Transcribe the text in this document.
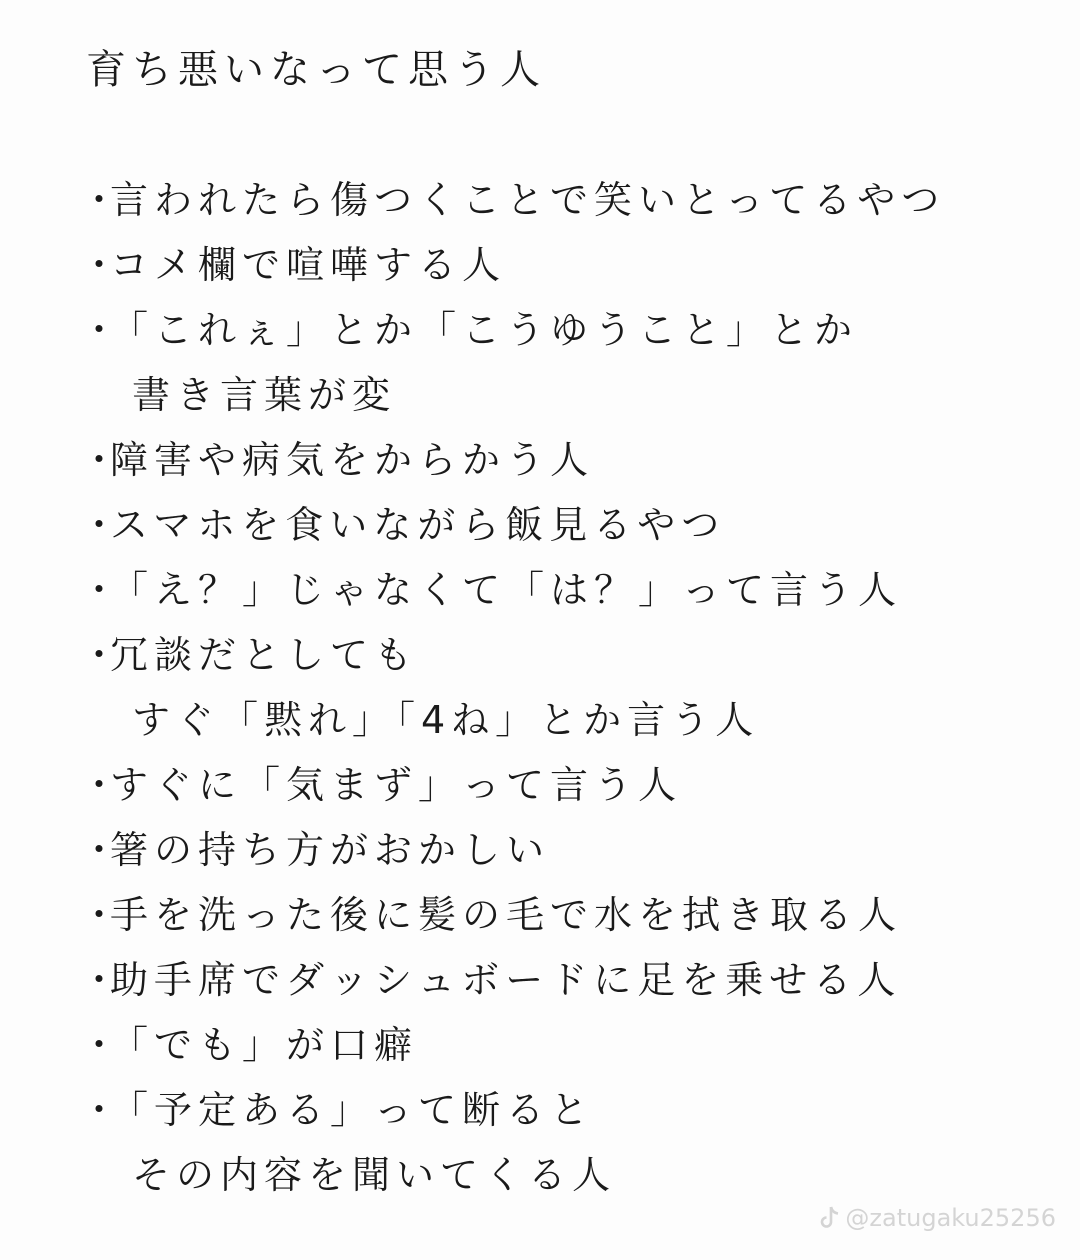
育ち悪いなって思う人
・
言われたら傷つくことで笑いとってるやつ
・
コメ欄で喧嘩する人
・
「これぇ」とか「こうゆうこと」とか
書き言葉が変
・
障害や病気をからかう人
・
スマホを食いながら飯見るやつ
・
「え？」じゃなくて「は？」って言う人
・
冗談だとしても
すぐ「黙れ」「4ね」とか言う人
・
すぐに「気まず」って言う人
・
箸の持ち方がおかしい
・
手を洗った後に髪の毛で水を拭き取る人
・
助手席でダッシュボードに足を乗せる人
・
「でも」が口癖
・
「予定ある」って断ると
その内容を聞いてくる人
@zatugaku25256
